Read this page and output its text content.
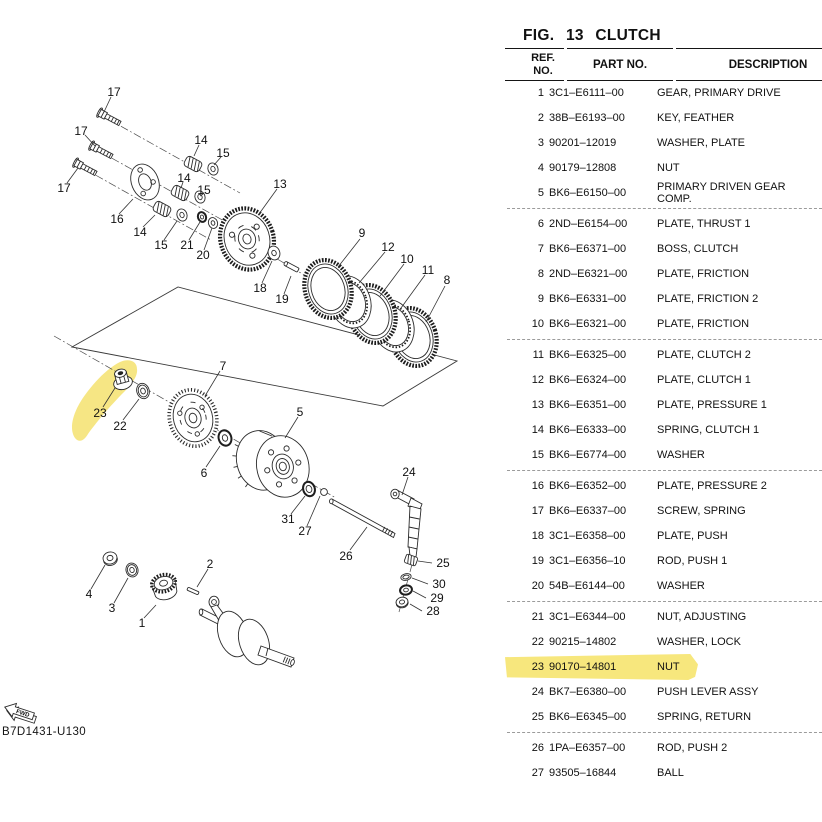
17
17
17
16
14
15
14
15
14
15 21
20
13
18
19
9
12
10
11
8
23
22
7
6
5
31
27
24
26	25
30
29
28
4
3
1
2
FWD
B7D1431-U130
FIG. 13 CLUTCH
REF.
NO.	PART NO.	DESCRIPTION
1 3C1–E6111–00	GEAR, PRIMARY DRIVE
2 38B–E6193–00	KEY, FEATHER
3 90201–12019	WASHER, PLATE
4 90179–12808	NUT
5 BK6–E6150–00	PRIMARY DRIVEN GEAR COMP.
6 2ND–E6154–00	PLATE, THRUST 1
7 BK6–E6371–00	BOSS, CLUTCH
8 2ND–E6321–00	PLATE, FRICTION
9 BK6–E6331–00	PLATE, FRICTION 2
10 BK6–E6321–00	PLATE, FRICTION
11 BK6–E6325–00	PLATE, CLUTCH 2
12 BK6–E6324–00	PLATE, CLUTCH 1
13 BK6–E6351–00	PLATE, PRESSURE 1
14 BK6–E6333–00	SPRING, CLUTCH 1
15 BK6–E6774–00	WASHER
16 BK6–E6352–00	PLATE, PRESSURE 2
17 BK6–E6337–00	SCREW, SPRING
18 3C1–E6358–00	PLATE, PUSH
19 3C1–E6356–10	ROD, PUSH 1
20 54B–E6144–00	WASHER
21 3C1–E6344–00	NUT, ADJUSTING
22 90215–14802	WASHER, LOCK
23 90170–14801	NUT
24 BK7–E6380–00	PUSH LEVER ASSY
25 BK6–E6345–00	SPRING, RETURN
26 1PA–E6357–00	ROD, PUSH 2
27 93505–16844	BALL
